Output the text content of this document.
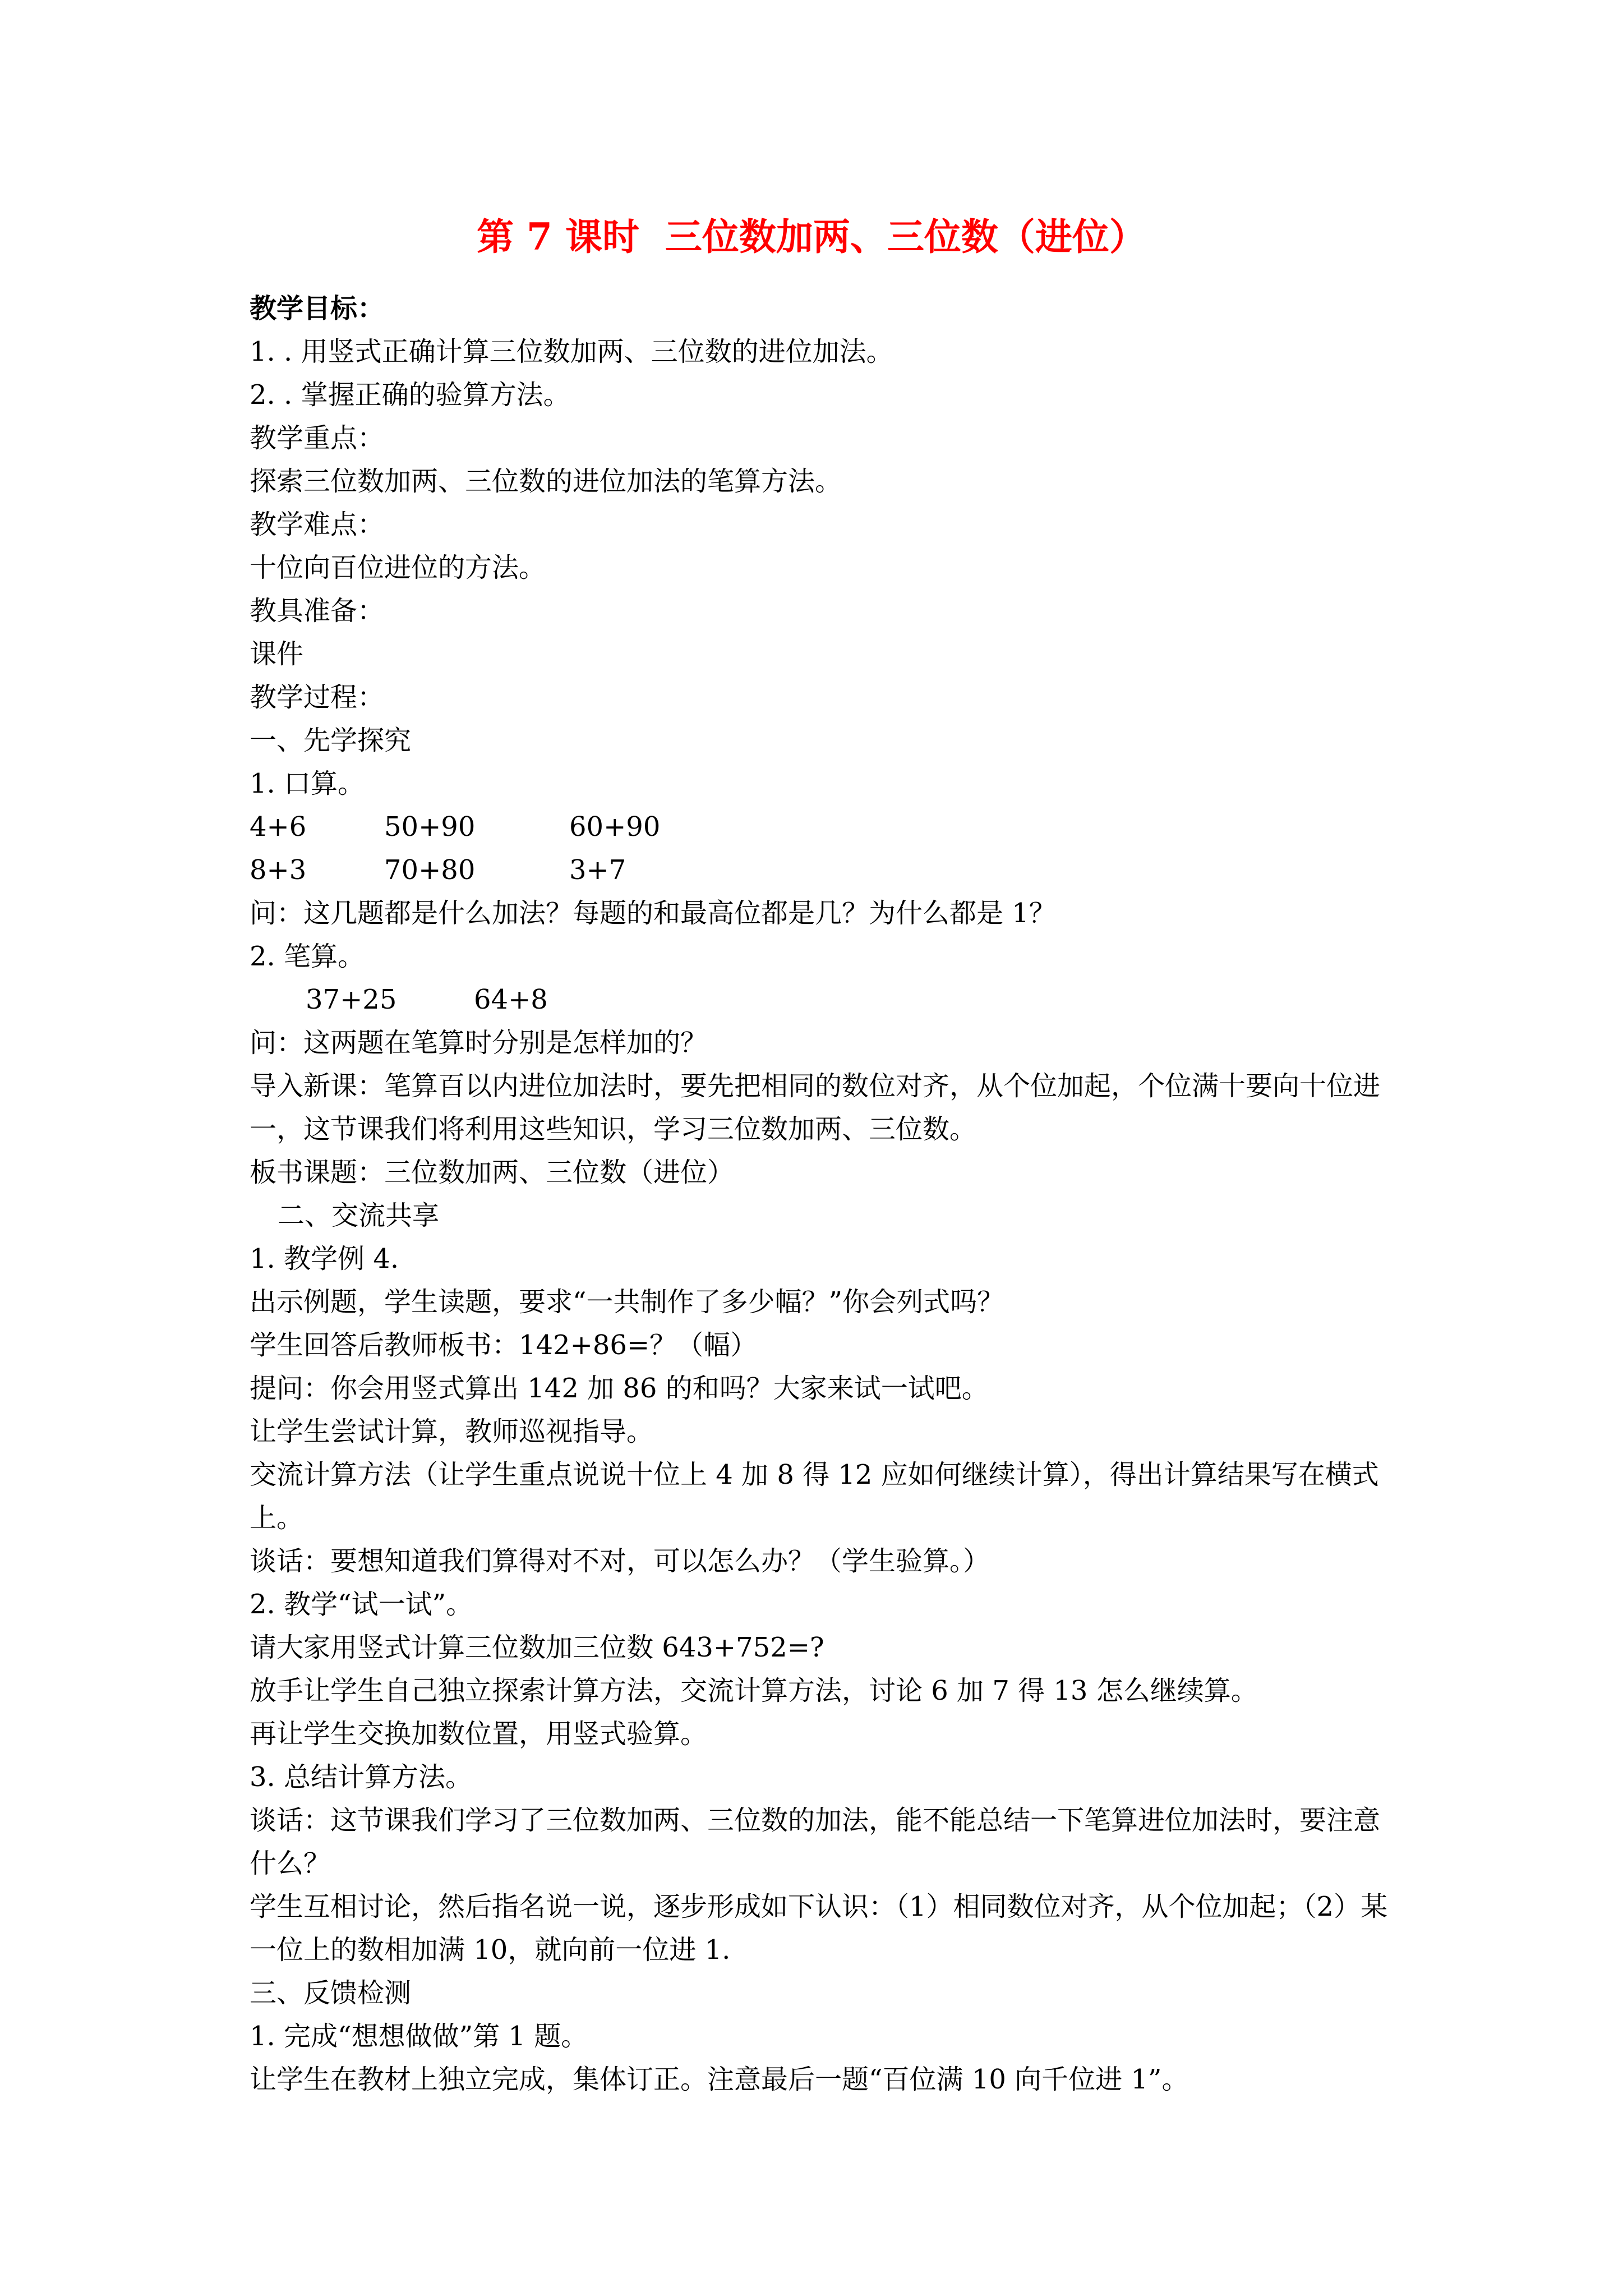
第 7 课时  三位数加两、三位数（进位）
教学目标：
1. . 用竖式正确计算三位数加两、三位数的进位加法。
2. . 掌握正确的验算方法。
教学重点：
探索三位数加两、三位数的进位加法的笔算方法。
教学难点：
十位向百位进位的方法。
教具准备：
课件
教学过程：
一、先学探究
1. 口算。
4+6	50+90	60+90
8+3	70+80	3+7
问：这几题都是什么加法？每题的和最高位都是几？为什么都是 1？
2. 笔算。
37+25	64+8
问：这两题在笔算时分别是怎样加的？
导入新课：笔算百以内进位加法时，要先把相同的数位对齐，从个位加起，个位满十要向十位进一，这节课我们将利用这些知识，学习三位数加两、三位数。
板书课题：三位数加两、三位数（进位）
二、交流共享
1. 教学例 4.
出示例题，学生读题，要求“一共制作了多少幅？”你会列式吗？
学生回答后教师板书：142+86=？（幅）
提问：你会用竖式算出 142 加 86 的和吗？大家来试一试吧。
让学生尝试计算，教师巡视指导。
交流计算方法（让学生重点说说十位上 4 加 8 得 12 应如何继续计算），得出计算结果写在横式上。
谈话：要想知道我们算得对不对，可以怎么办？（学生验算。）
2. 教学“试一试”。
请大家用竖式计算三位数加三位数 643+752=?
放手让学生自己独立探索计算方法，交流计算方法，讨论 6 加 7 得 13 怎么继续算。
再让学生交换加数位置，用竖式验算。
3. 总结计算方法。
谈话：这节课我们学习了三位数加两、三位数的加法，能不能总结一下笔算进位加法时，要注意什么？
学生互相讨论，然后指名说一说，逐步形成如下认识：（1）相同数位对齐，从个位加起；（2）某一位上的数相加满 10，就向前一位进 1.
三、反馈检测
1. 完成“想想做做”第 1 题。
让学生在教材上独立完成，集体订正。注意最后一题“百位满 10 向千位进 1”。
